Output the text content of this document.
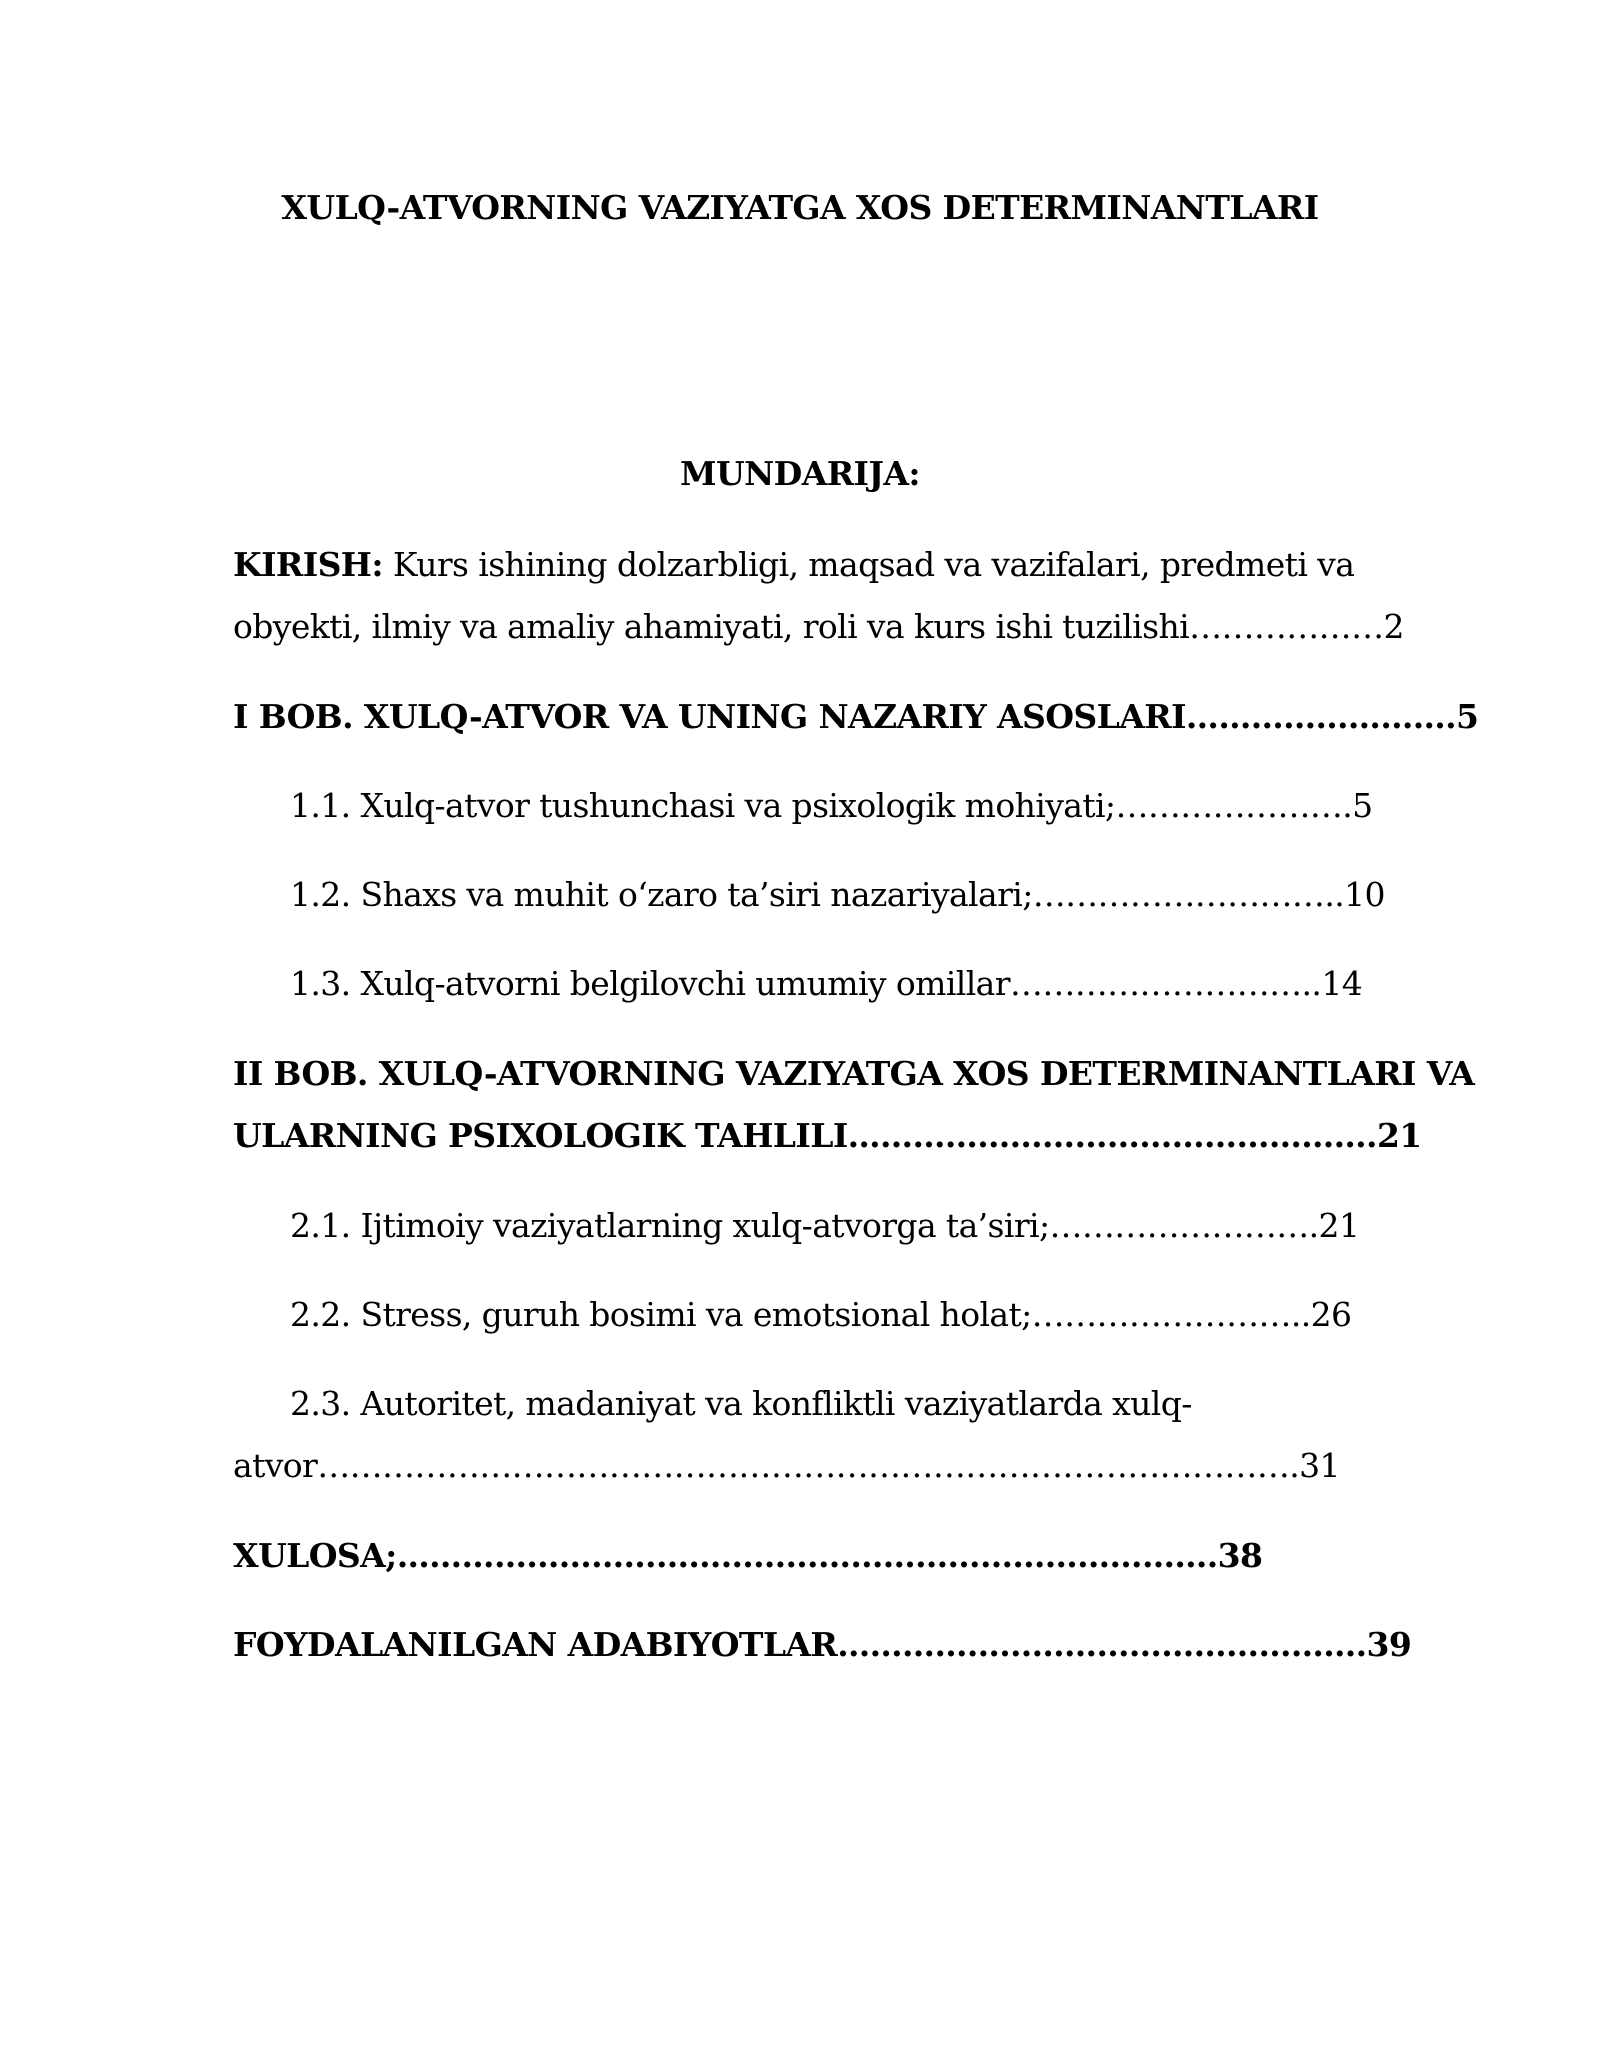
XULQ-ATVORNING VAZIYATGA XOS DETERMINANTLARI
MUNDARIJA:
KIRISH: Kurs ishining dolzarbligi, maqsad va vazifalari, predmeti va
obyekti, ilmiy va amaliy ahamiyati, roli va kurs ishi tuzilishi………………2
I BOB. XULQ-ATVOR VA UNING NAZARIY ASOSLARI…………………….5
1.1. Xulq-atvor tushunchasi va psixologik mohiyati;………………….5
1.2. Shaxs va muhit o‘zaro ta’siri nazariyalari;………………………..10
1.3. Xulq-atvorni belgilovchi umumiy omillar………………………..14
II BOB. XULQ-ATVORNING VAZIYATGA XOS DETERMINANTLARI VA
ULARNING PSIXOLOGIK TAHLILI………………………………………….21
2.1. Ijtimoiy vaziyatlarning xulq-atvorga ta’siri;…………………….21
2.2. Stress, guruh bosimi va emotsional holat;……………………..26
2.3. Autoritet, madaniyat va konfliktli vaziyatlarda xulq-
atvor……………………………………………………………………………….31
XULOSA;………………………………………………………………….38
FOYDALANILGAN ADABIYOTLAR………………………………………….39
